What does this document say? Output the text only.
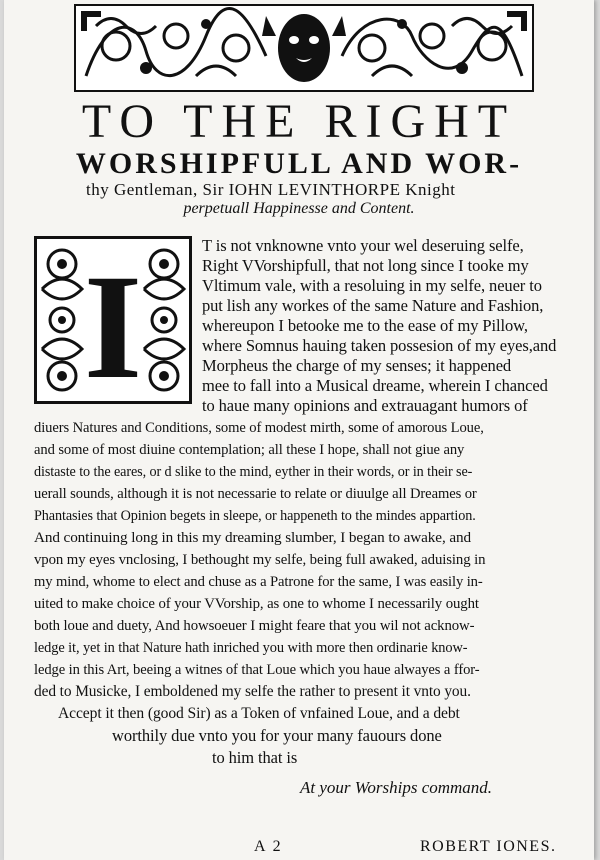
TO THE RIGHT
WORSHIPFULL AND WOR-
thy Gentleman, Sir IOHN LEVINTHORPE Knight
perpetuall Happinesse and Content.
I	T is not vnknowne vnto your wel deseruing selfe,
Right VVorshipfull, that not long since I tooke my
Vltimum vale, with a resoluing in my selfe, neuer to
put lish any workes of the same Nature and Fashion,
whereupon I betooke me to the ease of my Pillow,
where Somnus hauing taken possesion of my eyes,and
Morpheus the charge of my senses; it happened
mee to fall into a Musical dreame, wherein I chanced
to haue many opinions and extrauagant humors of
diuers Natures and Conditions, some of modest mirth, some of amorous Loue,
and some of most diuine contemplation; all these I hope, shall not giue any
distaste to the eares, or d slike to the mind, eyther in their words, or in their se-
uerall sounds, although it is not necessarie to relate or diuulge all Dreames or
Phantasies that Opinion begets in sleepe, or happeneth to the mindes appartion.
And continuing long in this my dreaming slumber, I began to awake, and
vpon my eyes vnclosing, I bethought my selfe, being full awaked, aduising in
my mind, whome to elect and chuse as a Patrone for the same, I was easily in-
uited to make choice of your VVorship, as one to whome I necessarily ought
both loue and duety, And howsoeuer I might feare that you wil not acknow-
ledge it, yet in that Nature hath inriched you with more then ordinarie know-
ledge in this Art, beeing a witnes of that Loue which you haue alwayes a ffor-
ded to Musicke, I emboldened my selfe the rather to present it vnto you.
Accept it then (good Sir) as a Token of vnfained Loue, and a debt
worthily due vnto you for your many fauours done
to him that is
At your Worships command.
A 2	ROBERT IONES.
